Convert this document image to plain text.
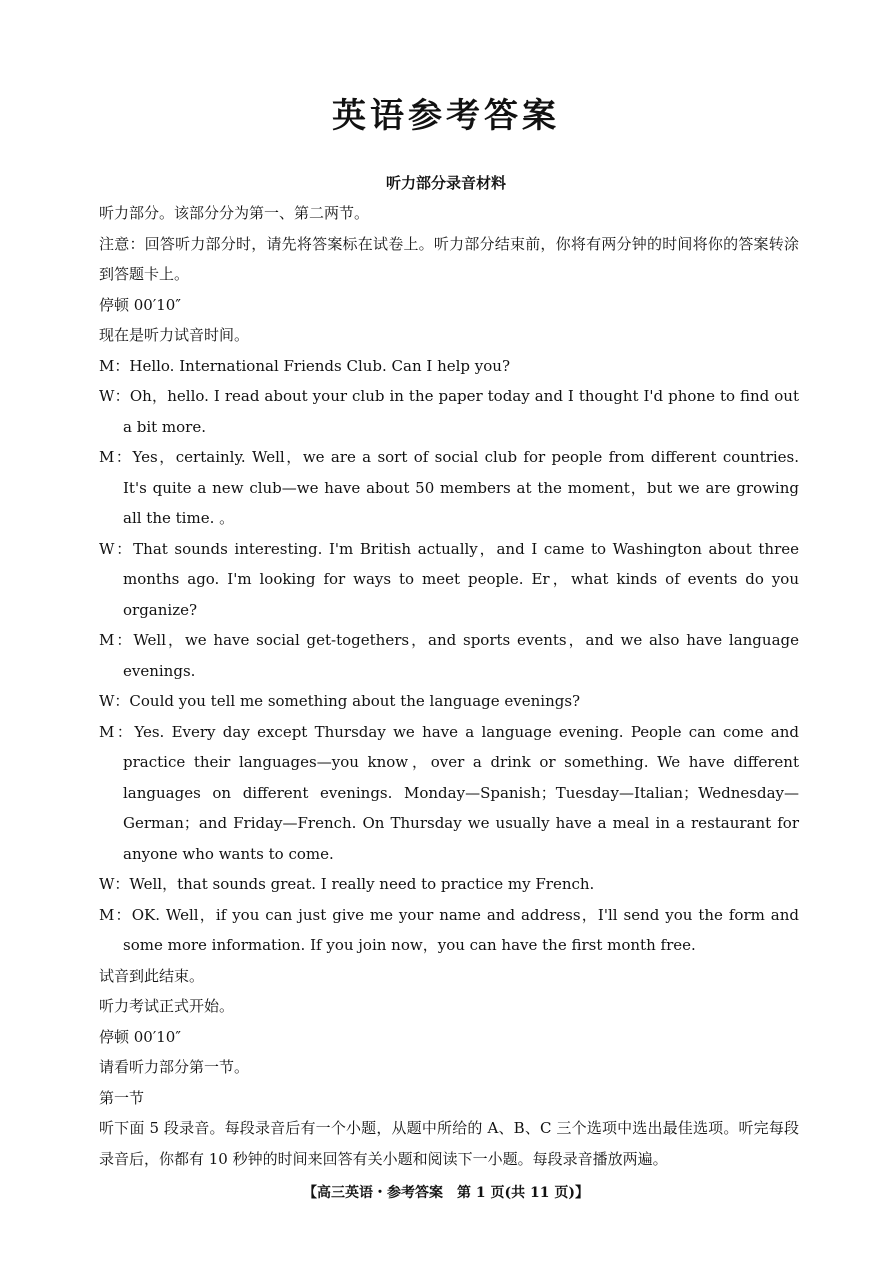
英语参考答案
听力部分录音材料

听力部分。该部分分为第一、第二两节。

注意：回答听力部分时，请先将答案标在试卷上。听力部分结束前，你将有两分钟的时间将你的答案转涂到答题卡上。

停顿 00′10″

现在是听力试音时间。

M：Hello. International Friends Club. Can I help you?

W：Oh，hello. I read about your club in the paper today and I thought I'd phone to find out a bit more.

M：Yes，certainly. Well，we are a sort of social club for people from different countries. It's quite a new club—we have about 50 members at the moment，but we are growing all the time. 。

W：That sounds interesting. I'm British actually，and I came to Washington about three months ago. I'm looking for ways to meet people. Er，what kinds of events do you organize?

M：Well，we have social get-togethers，and sports events，and we also have language evenings.

W：Could you tell me something about the language evenings?

M：Yes. Every day except Thursday we have a language evening. People can come and practice their languages—you know，over a drink or something. We have different languages on different evenings. Monday—Spanish；Tuesday—Italian；Wednesday—German；and Friday—French. On Thursday we usually have a meal in a restaurant for anyone who wants to come.

W：Well，that sounds great. I really need to practice my French.

M：OK. Well，if you can just give me your name and address，I'll send you the form and some more information. If you join now，you can have the first month free.

试音到此结束。

听力考试正式开始。

停顿 00′10″

请看听力部分第一节。

第一节

听下面 5 段录音。每段录音后有一个小题，从题中所给的 A、B、C 三个选项中选出最佳选项。听完每段录音后，你都有 10 秒钟的时间来回答有关小题和阅读下一小题。每段录音播放两遍。

【高三英语・参考答案　第 1 页(共 11 页)】
